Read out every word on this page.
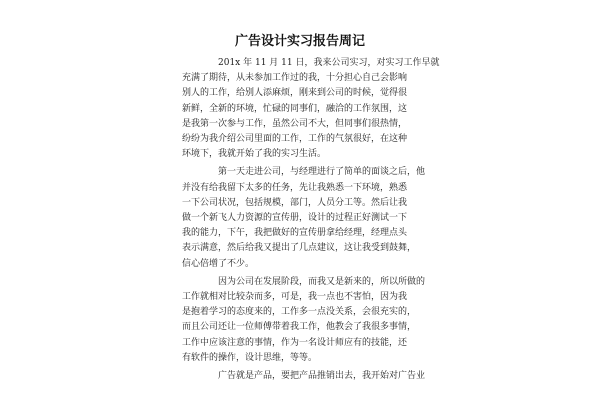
广告设计实习报告周记

201x 年 11 月 11 日，我来公司实习，对实习工作早就
充满了期待，从未参加工作过的我，十分担心自己会影响
别人的工作，给别人添麻烦，刚来到公司的时候，觉得很
新鲜，全新的环境，忙碌的同事们，融洽的工作氛围，这
是我第一次参与工作，虽然公司不大，但同事们很热情，
纷纷为我介绍公司里面的工作，工作的气氛很好，在这种
环境下，我就开始了我的实习生活。

第一天走进公司，与经理进行了简单的面谈之后，他
并没有给我留下太多的任务，先让我熟悉一下环境，熟悉
一下公司状况，包括规模，部门，人员分工等。然后让我
做一个新飞人力资源的宣传册，设计的过程正好测试一下
我的能力，下午，我把做好的宣传册拿给经理，经理点头
表示满意，然后给我又提出了几点建议，这让我受到鼓舞，
信心倍增了不少。

因为公司在发展阶段，而我又是新来的，所以所做的
工作就相对比较杂而多，可是，我一点也不害怕，因为我
是抱着学习的态度来的，工作多一点没关系，会很充实的，
而且公司还让一位师傅带着我工作，他教会了我很多事情，
工作中应该注意的事情，作为一名设计师应有的技能，还
有软件的操作，设计思维，等等。

广告就是产品，要把产品推销出去，我开始对广告业
